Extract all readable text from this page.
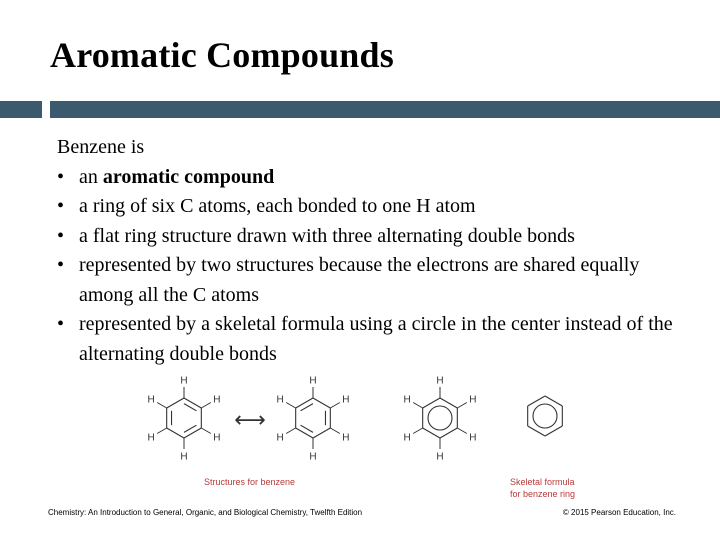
Aromatic Compounds

Benzene is

• an aromatic compound
• a ring of six C atoms, each bonded to one H atom
• a flat ring structure drawn with three alternating double bonds
• represented by two structures because the electrons are shared equally among all the C atoms
• represented by a skeletal formula using a circle in the center instead of the alternating double bonds
H
H
H
H
H
H
⟷
H
H
H
H
H
H
H
H
H
H
H
H
Structures for benzene	Skeletal formula
for benzene ring
Chemistry: An Introduction to General, Organic, and Biological Chemistry, Twelfth Edition	© 2015 Pearson Education, Inc.
